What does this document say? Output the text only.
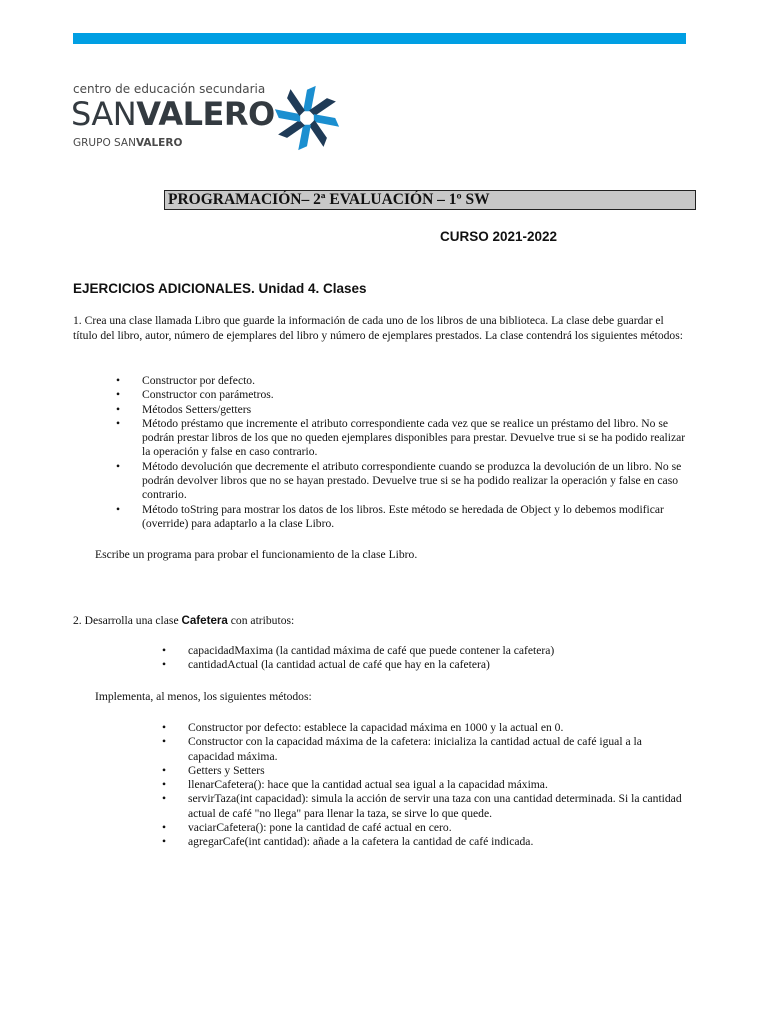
centro de educación secundaria
SANVALERO
GRUPO SANVALERO
PROGRAMACIÓN– 2ª EVALUACIÓN – 1º SW
CURSO 2021-2022
EJERCICIOS ADICIONALES. Unidad 4. Clases
1. Crea una clase llamada Libro que guarde la información de cada uno de los libros de una biblioteca. La clase debe guardar el título del libro, autor, número de ejemplares del libro y número de ejemplares prestados. La clase contendrá los siguientes métodos:
• Constructor por defecto.
• Constructor con parámetros.
• Métodos Setters/getters
• Método préstamo que incremente el atributo correspondiente cada vez que se realice un préstamo del libro. No se podrán prestar libros de los que no queden ejemplares disponibles para prestar. Devuelve true si se ha podido realizar la operación y false en caso contrario.
• Método devolución que decremente el atributo correspondiente cuando se produzca la devolución de un libro. No se podrán devolver libros que no se hayan prestado. Devuelve true si se ha podido realizar la operación y false en caso contrario.
• Método toString para mostrar los datos de los libros. Este método se heredada de Object y lo debemos modificar (override) para adaptarlo a la clase Libro.
Escribe un programa para probar el funcionamiento de la clase Libro.
2. Desarrolla una clase Cafetera con atributos:
• capacidadMaxima (la cantidad máxima de café que puede contener la cafetera)
• cantidadActual (la cantidad actual de café que hay en la cafetera)
Implementa, al menos, los siguientes métodos:
• Constructor por defecto: establece la capacidad máxima en 1000 y la actual en 0.
• Constructor con la capacidad máxima de la cafetera: inicializa la cantidad actual de café igual a la capacidad máxima.
• Getters y Setters
• llenarCafetera(): hace que la cantidad actual sea igual a la capacidad máxima.
• servirTaza(int capacidad): simula la acción de servir una taza con una cantidad determinada. Si la cantidad actual de café "no llega" para llenar la taza, se sirve lo que quede.
• vaciarCafetera(): pone la cantidad de café actual en cero.
• agregarCafe(int cantidad): añade a la cafetera la cantidad de café indicada.
